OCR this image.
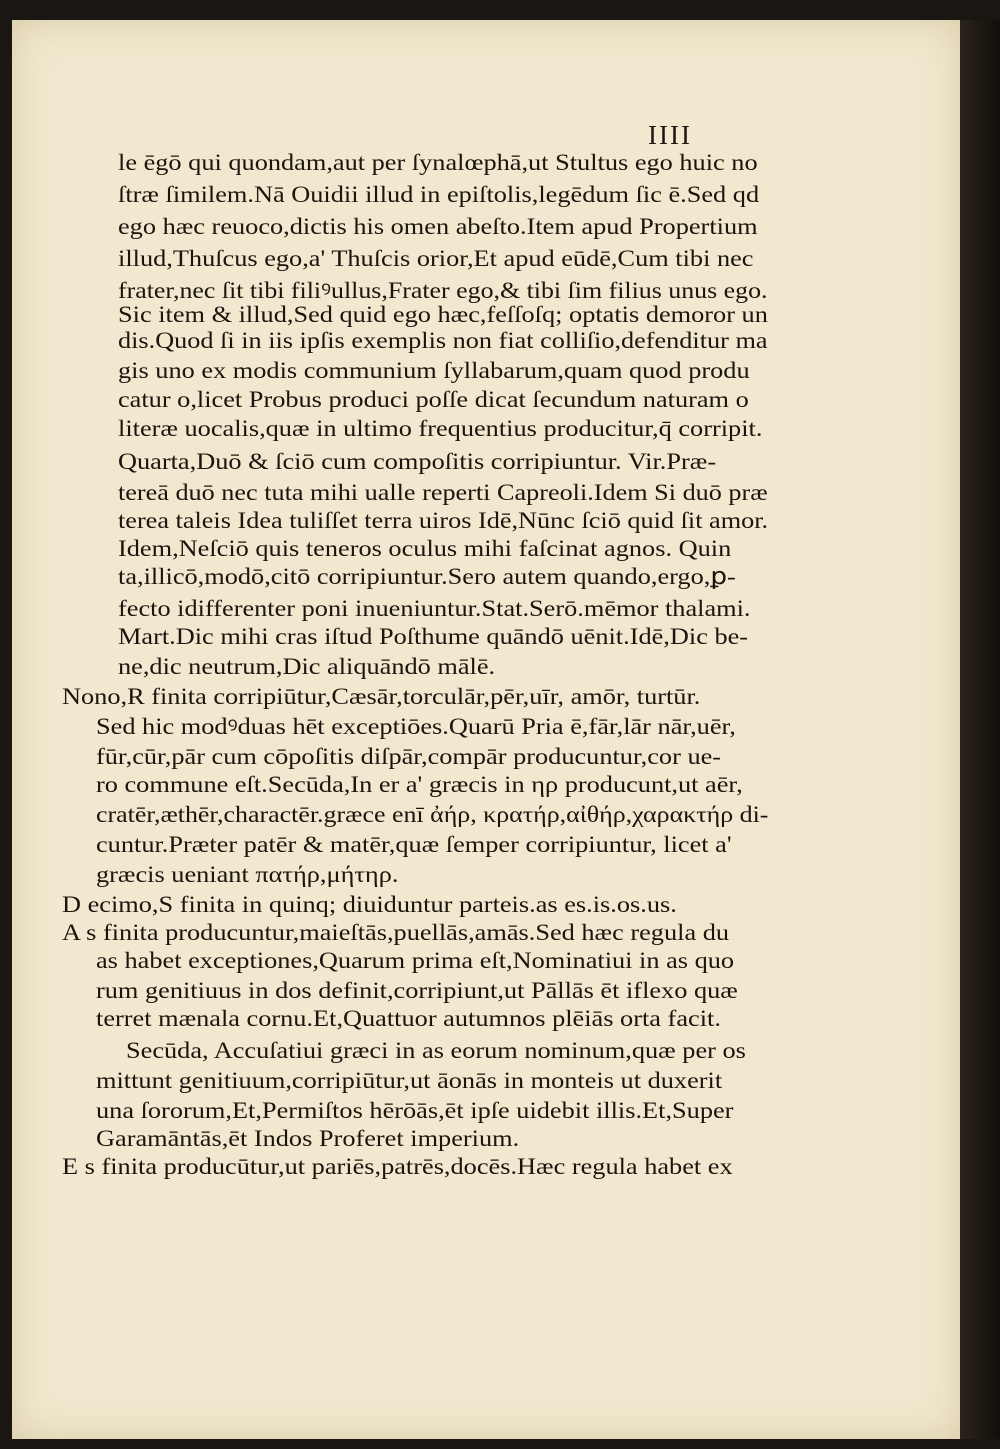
IIII
le ēgō qui quondam,aut per ſynalœphā,ut Stultus ego huic no
ſtræ ſimilem.Nā Ouidii illud in epiſtolis,legēdum ſic ē.Sed qd
ego hæc reuoco,dictis his omen abeſto.Item apud Propertium
illud,Thuſcus ego,a' Thuſcis orior,Et apud eūdē,Cum tibi nec
frater,nec ſit tibi filiꝰullus,Frater ego,& tibi ſim filius unus ego.
Sic item & illud,Sed quid ego hæc,feſſoſq; optatis demoror un
dis.Quod ſi in iis ipſis exemplis non fiat colliſio,defenditur ma
gis uno ex modis communium ſyllabarum,quam quod produ
catur o,licet Probus produci poſſe dicat ſecundum naturam o
literæ uocalis,quæ in ultimo frequentius producitur,q̄ corripit.
Quarta,Duō & ſciō cum compoſitis corripiuntur. Vir.Præ-
tereā duō nec tuta mihi ualle reperti Capreoli.Idem Si duō præ
terea taleis Idea tuliſſet terra uiros Idē,Nūnc ſciō quid ſit amor.
Idem,Neſciō quis teneros oculus mihi faſcinat agnos. Quin
ta,illicō,modō,citō corripiuntur.Sero autem quando,ergo,ꝑ-
fecto idifferenter poni inueniuntur.Stat.Serō.mēmor thalami.
Mart.Dic mihi cras iſtud Poſthume quāndō uēnit.Idē,Dic be-
ne,dic neutrum,Dic aliquāndō mālē.
Nono,R finita corripiūtur,Cæsār,torculār,pēr,uīr, amōr, turtūr.
Sed hic modꝰduas hēt exceptiōes.Quarū Pria ē,fār,lār nār,uēr,
fūr,cūr,pār cum cōpoſitis diſpār,compār producuntur,cor ue-
ro commune eſt.Secūda,In er a' græcis in ηρ producunt,ut aēr,
cratēr,æthēr,charactēr.græce enī ἀήρ, κρατήρ,αἰθήρ,χαρακτήρ di-
cuntur.Præter patēr & matēr,quæ ſemper corripiuntur, licet a'
græcis ueniant πατήρ,μήτηρ.
D ecimo,S finita in quinq; diuiduntur parteis.as es.is.os.us.
A s finita producuntur,maieſtās,puellās,amās.Sed hæc regula du
as habet exceptiones,Quarum prima eſt,Nominatiui in as quo
rum genitiuus in dos definit,corripiunt,ut Pāllās ēt iflexo quæ
terret mænala cornu.Et,Quattuor autumnos plēiās orta facit.
Secūda, Accuſatiui græci in as eorum nominum,quæ per os
mittunt genitiuum,corripiūtur,ut āonās in monteis ut duxerit
una ſororum,Et,Permiſtos hērōās,ēt ipſe uidebit illis.Et,Super
Garamāntās,ēt Indos Proferet imperium.
E s finita producūtur,ut pariēs,patrēs,docēs.Hæc regula habet ex
